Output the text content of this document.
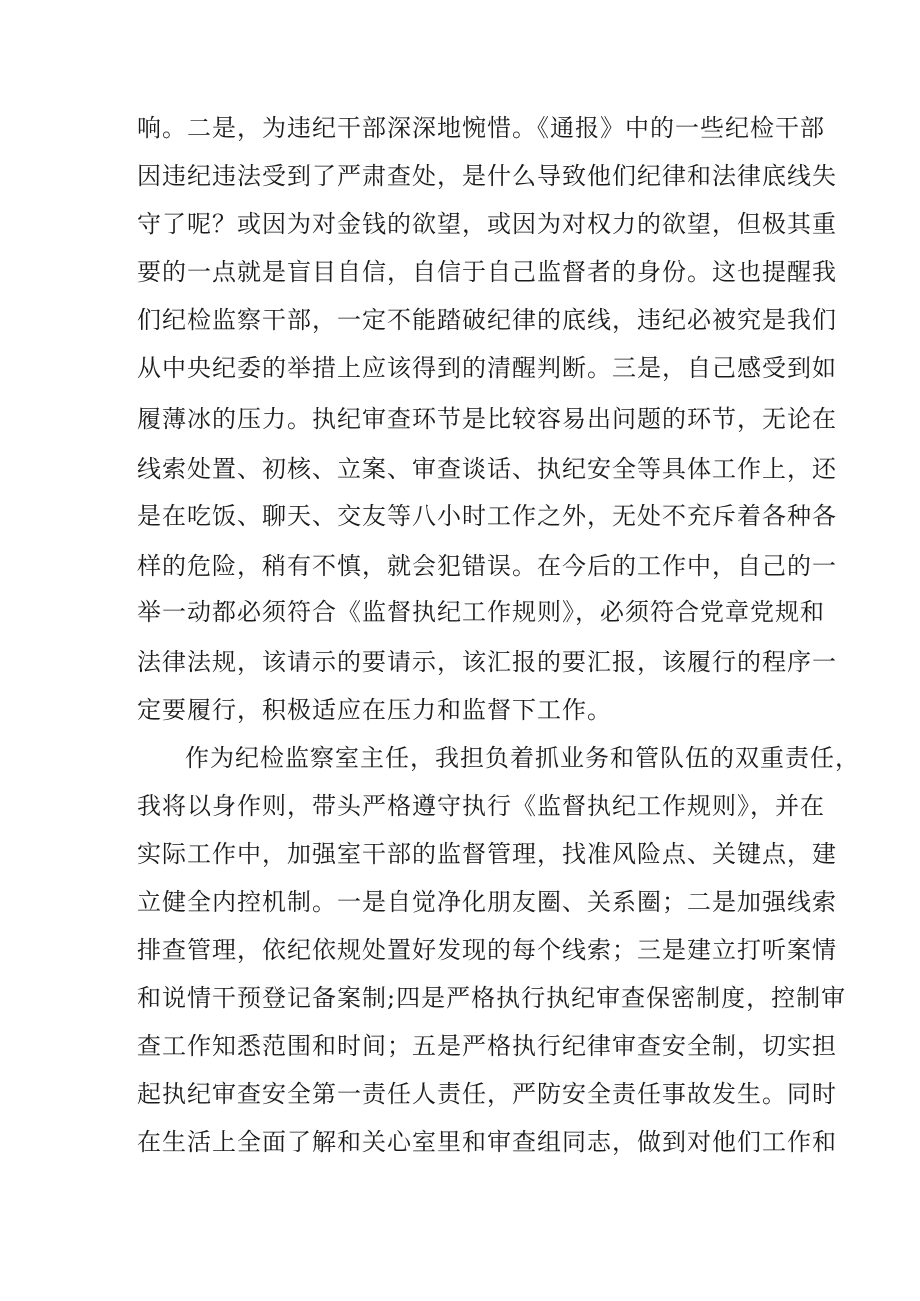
响。二是，为违纪干部深深地惋惜。《通报》中的一些纪检干部
因违纪违法受到了严肃查处，是什么导致他们纪律和法律底线失
守了呢？或因为对金钱的欲望，或因为对权力的欲望，但极其重
要的一点就是盲目自信，自信于自己监督者的身份。这也提醒我
们纪检监察干部，一定不能踏破纪律的底线，违纪必被究是我们
从中央纪委的举措上应该得到的清醒判断。三是，自己感受到如
履薄冰的压力。执纪审查环节是比较容易出问题的环节，无论在
线索处置、初核、立案、审查谈话、执纪安全等具体工作上，还
是在吃饭、聊天、交友等八小时工作之外，无处不充斥着各种各
样的危险，稍有不慎，就会犯错误。在今后的工作中，自己的一
举一动都必须符合《监督执纪工作规则》，必须符合党章党规和
法律法规，该请示的要请示，该汇报的要汇报，该履行的程序一
定要履行，积极适应在压力和监督下工作。
作为纪检监察室主任，我担负着抓业务和管队伍的双重责任，
我将以身作则，带头严格遵守执行《监督执纪工作规则》，并在
实际工作中，加强室干部的监督管理，找准风险点、关键点，建
立健全内控机制。一是自觉净化朋友圈、关系圈；二是加强线索
排查管理，依纪依规处置好发现的每个线索；三是建立打听案情
和说情干预登记备案制;四是严格执行执纪审查保密制度，控制审
查工作知悉范围和时间；五是严格执行纪律审查安全制，切实担
起执纪审查安全第一责任人责任，严防安全责任事故发生。同时
在生活上全面了解和关心室里和审查组同志，做到对他们工作和
